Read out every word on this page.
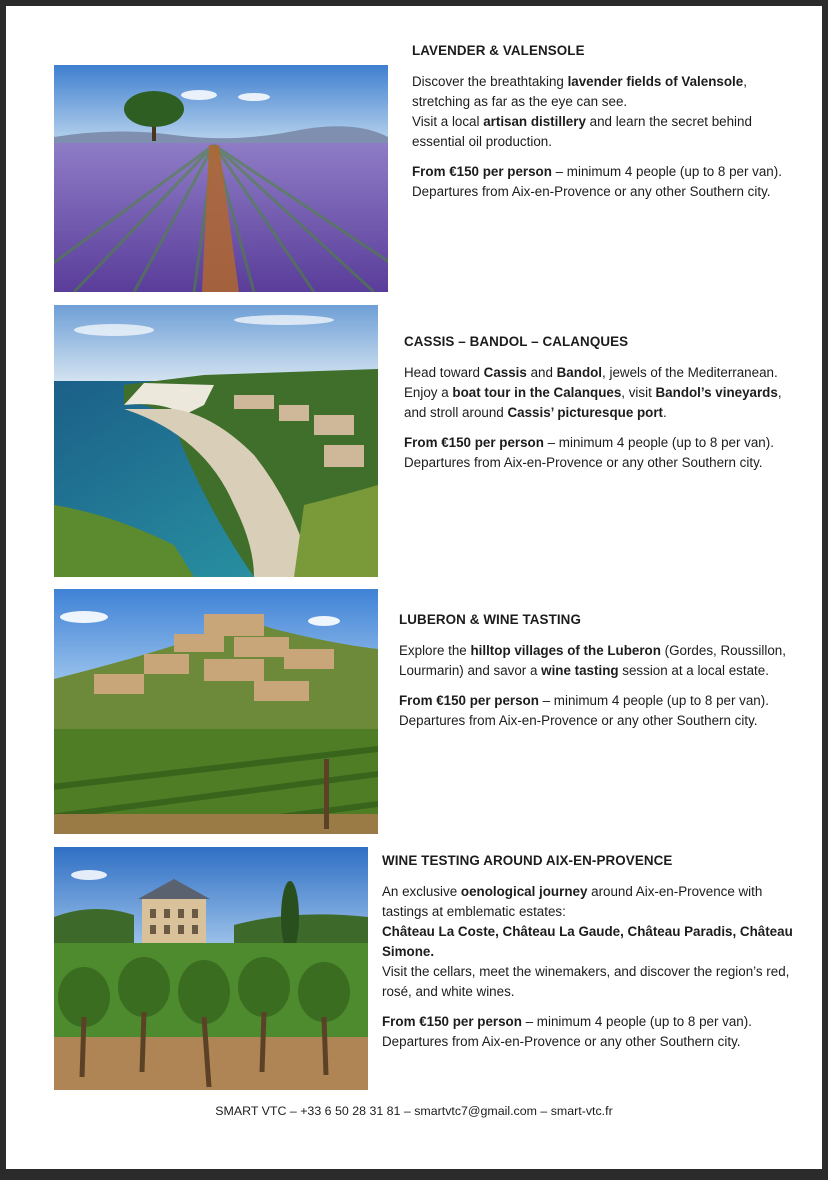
LAVENDER & VALENSOLE
Discover the breathtaking lavender fields of Valensole, stretching as far as the eye can see.
Visit a local artisan distillery and learn the secret behind essential oil production.
From €150 per person – minimum 4 people (up to 8 per van).
Departures from Aix-en-Provence or any other Southern city.
CASSIS – BANDOL – CALANQUES
Head toward Cassis and Bandol, jewels of the Mediterranean.
Enjoy a boat tour in the Calanques, visit Bandol’s vineyards, and stroll around Cassis’ picturesque port.
From €150 per person – minimum 4 people (up to 8 per van).
Departures from Aix-en-Provence or any other Southern city.
LUBERON & WINE TASTING
Explore the hilltop villages of the Luberon (Gordes, Roussillon, Lourmarin) and savor a wine tasting session at a local estate.
From €150 per person – minimum 4 people (up to 8 per van).
Departures from Aix-en-Provence or any other Southern city.
WINE TESTING AROUND AIX-EN-PROVENCE
An exclusive oenological journey around Aix-en-Provence with tastings at emblematic estates:
Château La Coste, Château La Gaude, Château Paradis, Château Simone.
Visit the cellars, meet the winemakers, and discover the region’s red, rosé, and white wines.
From €150 per person – minimum 4 people (up to 8 per van).
Departures from Aix-en-Provence or any other Southern city.
SMART VTC – +33 6 50 28 31 81 – smartvtc7@gmail.com – smart-vtc.fr
